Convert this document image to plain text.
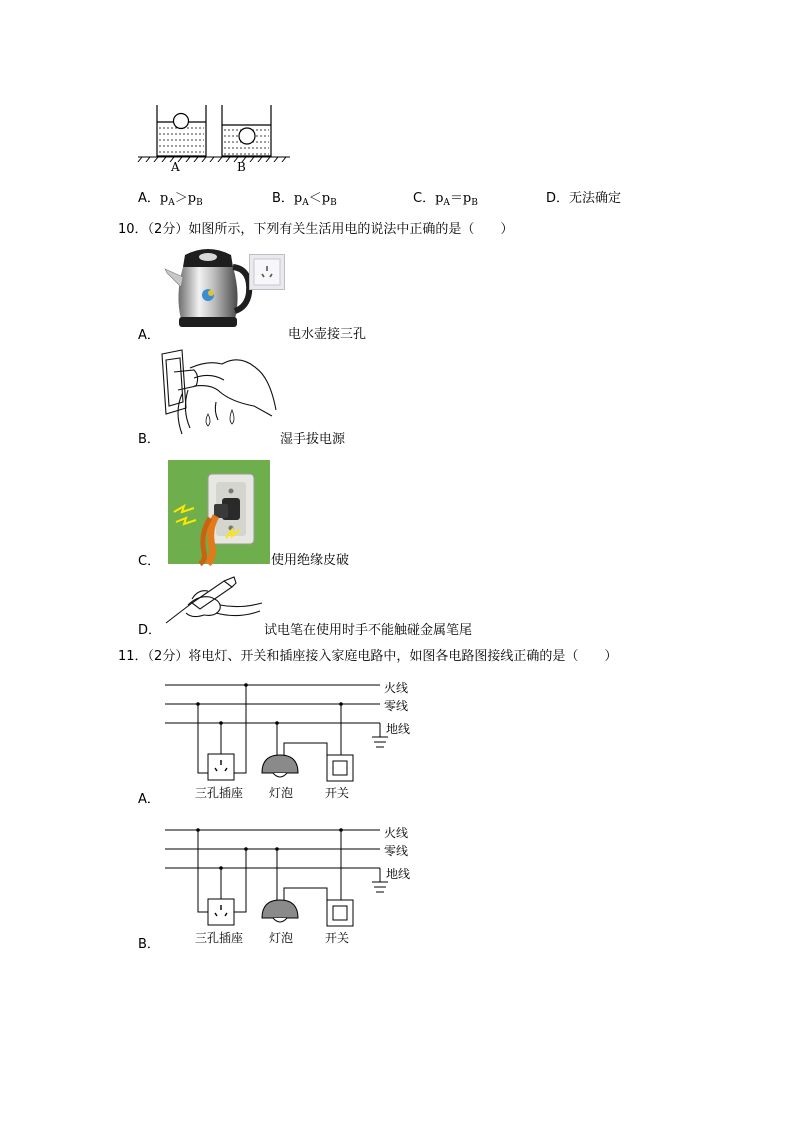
A	B
A．$p_A>p_B$	B．$p_A<p_B$	C．$p_A=p_B$	D．无法确定
10．（2分）如图所示，下列有关生活用电的说法中正确的是（　　）
A．	电水壶接三孔
B．	湿手拔电源
C．	使用绝缘皮破
D．	试电笔在使用时手不能触碰金属笔尾
11．（2分）将电灯、开关和插座接入家庭电路中，如图各电路图接线正确的是（　　）
火线
零线
地线
三孔插座 灯泡	开关
A．
火线
零线
地线
三孔插座 灯泡	开关
B．
